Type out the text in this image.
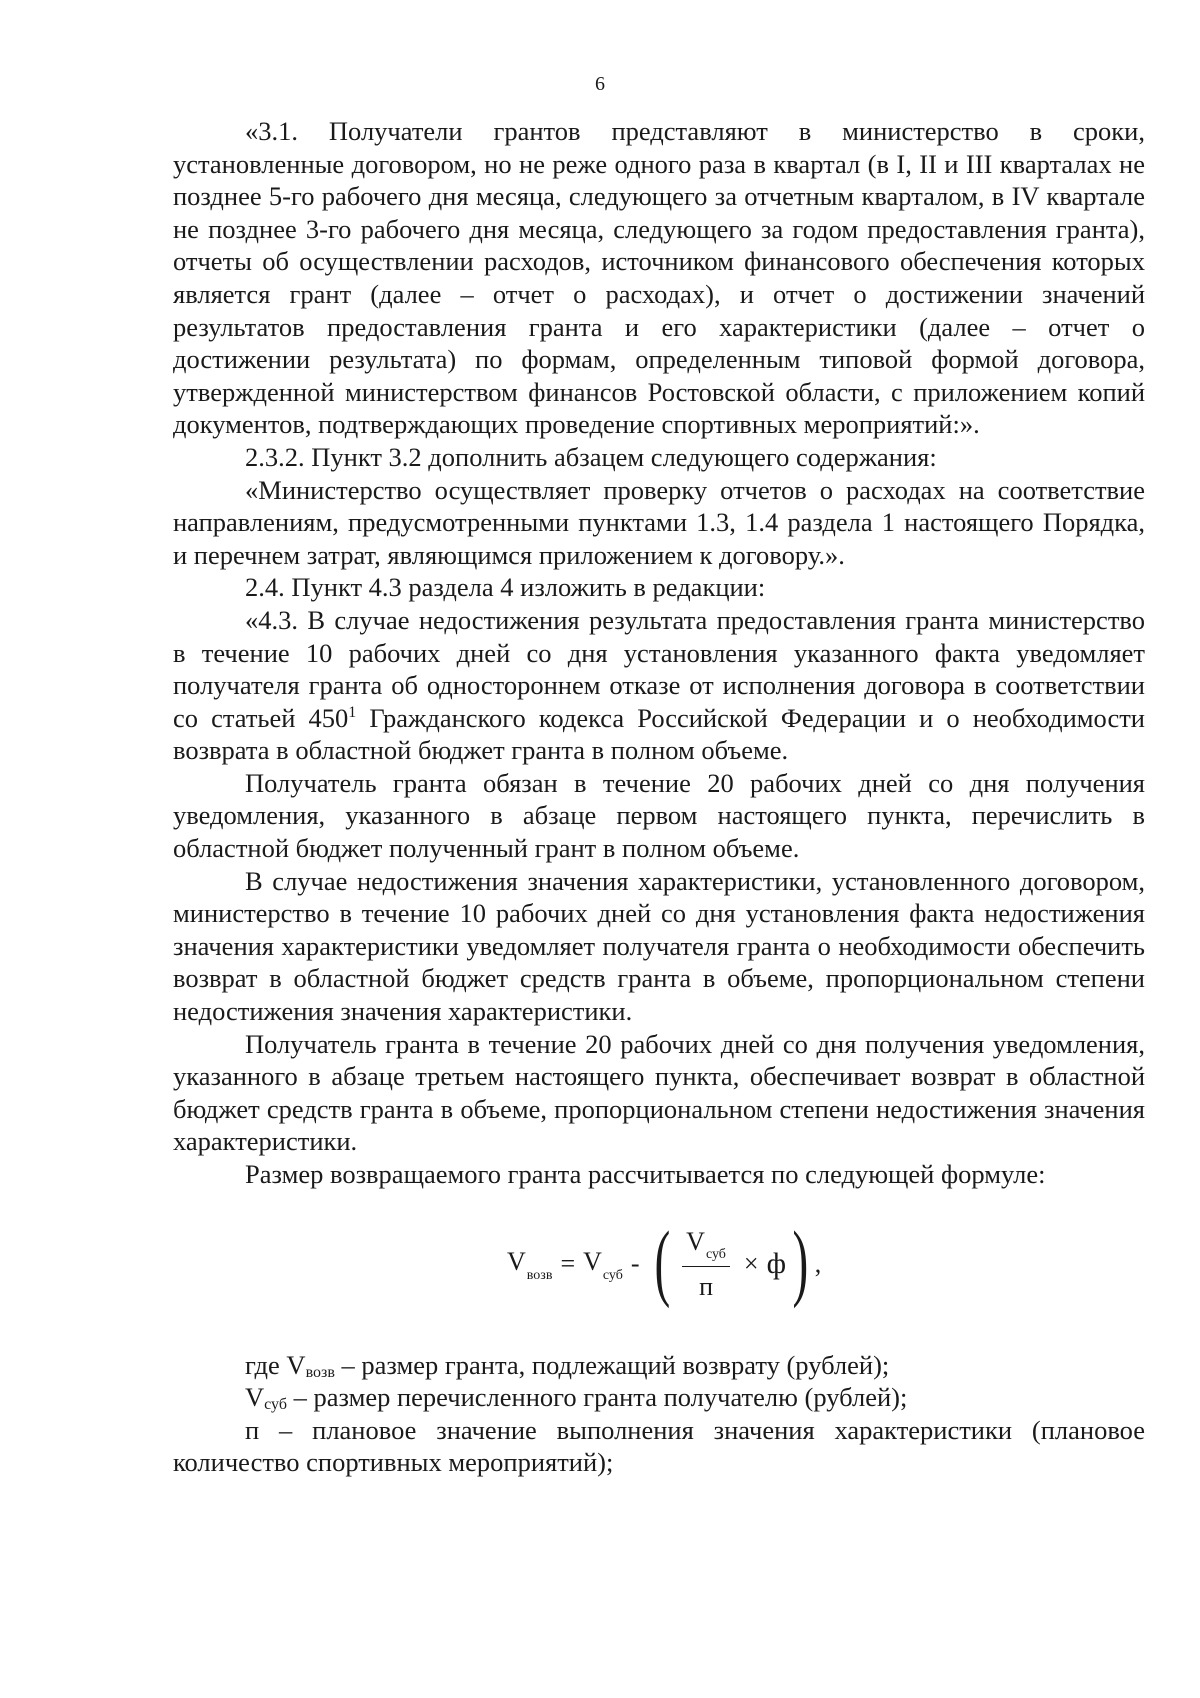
6

«3.1. Получатели грантов представляют в министерство в сроки, установленные договором, но не реже одного раза в квартал (в I, II и III кварталах не позднее 5-го рабочего дня месяца, следующего за отчетным кварталом, в IV квартале не позднее 3-го рабочего дня месяца, следующего за годом предоставления гранта), отчеты об осуществлении расходов, источником финансового обеспечения которых является грант (далее – отчет о расходах), и отчет о достижении значений результатов предоставления гранта и его характеристики (далее – отчет о достижении результата) по формам, определенным типовой формой договора, утвержденной министерством финансов Ростовской области, с приложением копий документов, подтверждающих проведение спортивных мероприятий:».

2.3.2. Пункт 3.2 дополнить абзацем следующего содержания:

«Министерство осуществляет проверку отчетов о расходах на соответствие направлениям, предусмотренными пунктами 1.3, 1.4 раздела 1 настоящего Порядка, и перечнем затрат, являющимся приложением к договору.».

2.4. Пункт 4.3 раздела 4 изложить в редакции:

«4.3. В случае недостижения результата предоставления гранта министерство в течение 10 рабочих дней со дня установления указанного факта уведомляет получателя гранта об одностороннем отказе от исполнения договора в соответствии со статьей $450^1$ Гражданского кодекса Российской Федерации и о необходимости возврата в областной бюджет гранта в полном объеме.

Получатель гранта обязан в течение 20 рабочих дней со дня получения уведомления, указанного в абзаце первом настоящего пункта, перечислить в областной бюджет полученный грант в полном объеме.

В случае недостижения значения характеристики, установленного договором, министерство в течение 10 рабочих дней со дня установления факта недостижения значения характеристики уведомляет получателя гранта о необходимости обеспечить возврат в областной бюджет средств гранта в объеме, пропорциональном степени недостижения значения характеристики.

Получатель гранта в течение 20 рабочих дней со дня получения уведомления, указанного в абзаце третьем настоящего пункта, обеспечивает возврат в областной бюджет средств гранта в объеме, пропорциональном степени недостижения значения характеристики.

Размер возвращаемого гранта рассчитывается по следующей формуле:

$V_{возв} = V_{суб}$ - ( $\frac{V_{суб}}{п} \times ф$ ) ,

где $V_{возв}$ – размер гранта, подлежащий возврату (рублей);

$V_{суб}$ – размер перечисленного гранта получателю (рублей);

п – плановое значение выполнения значения характеристики (плановое количество спортивных мероприятий);
